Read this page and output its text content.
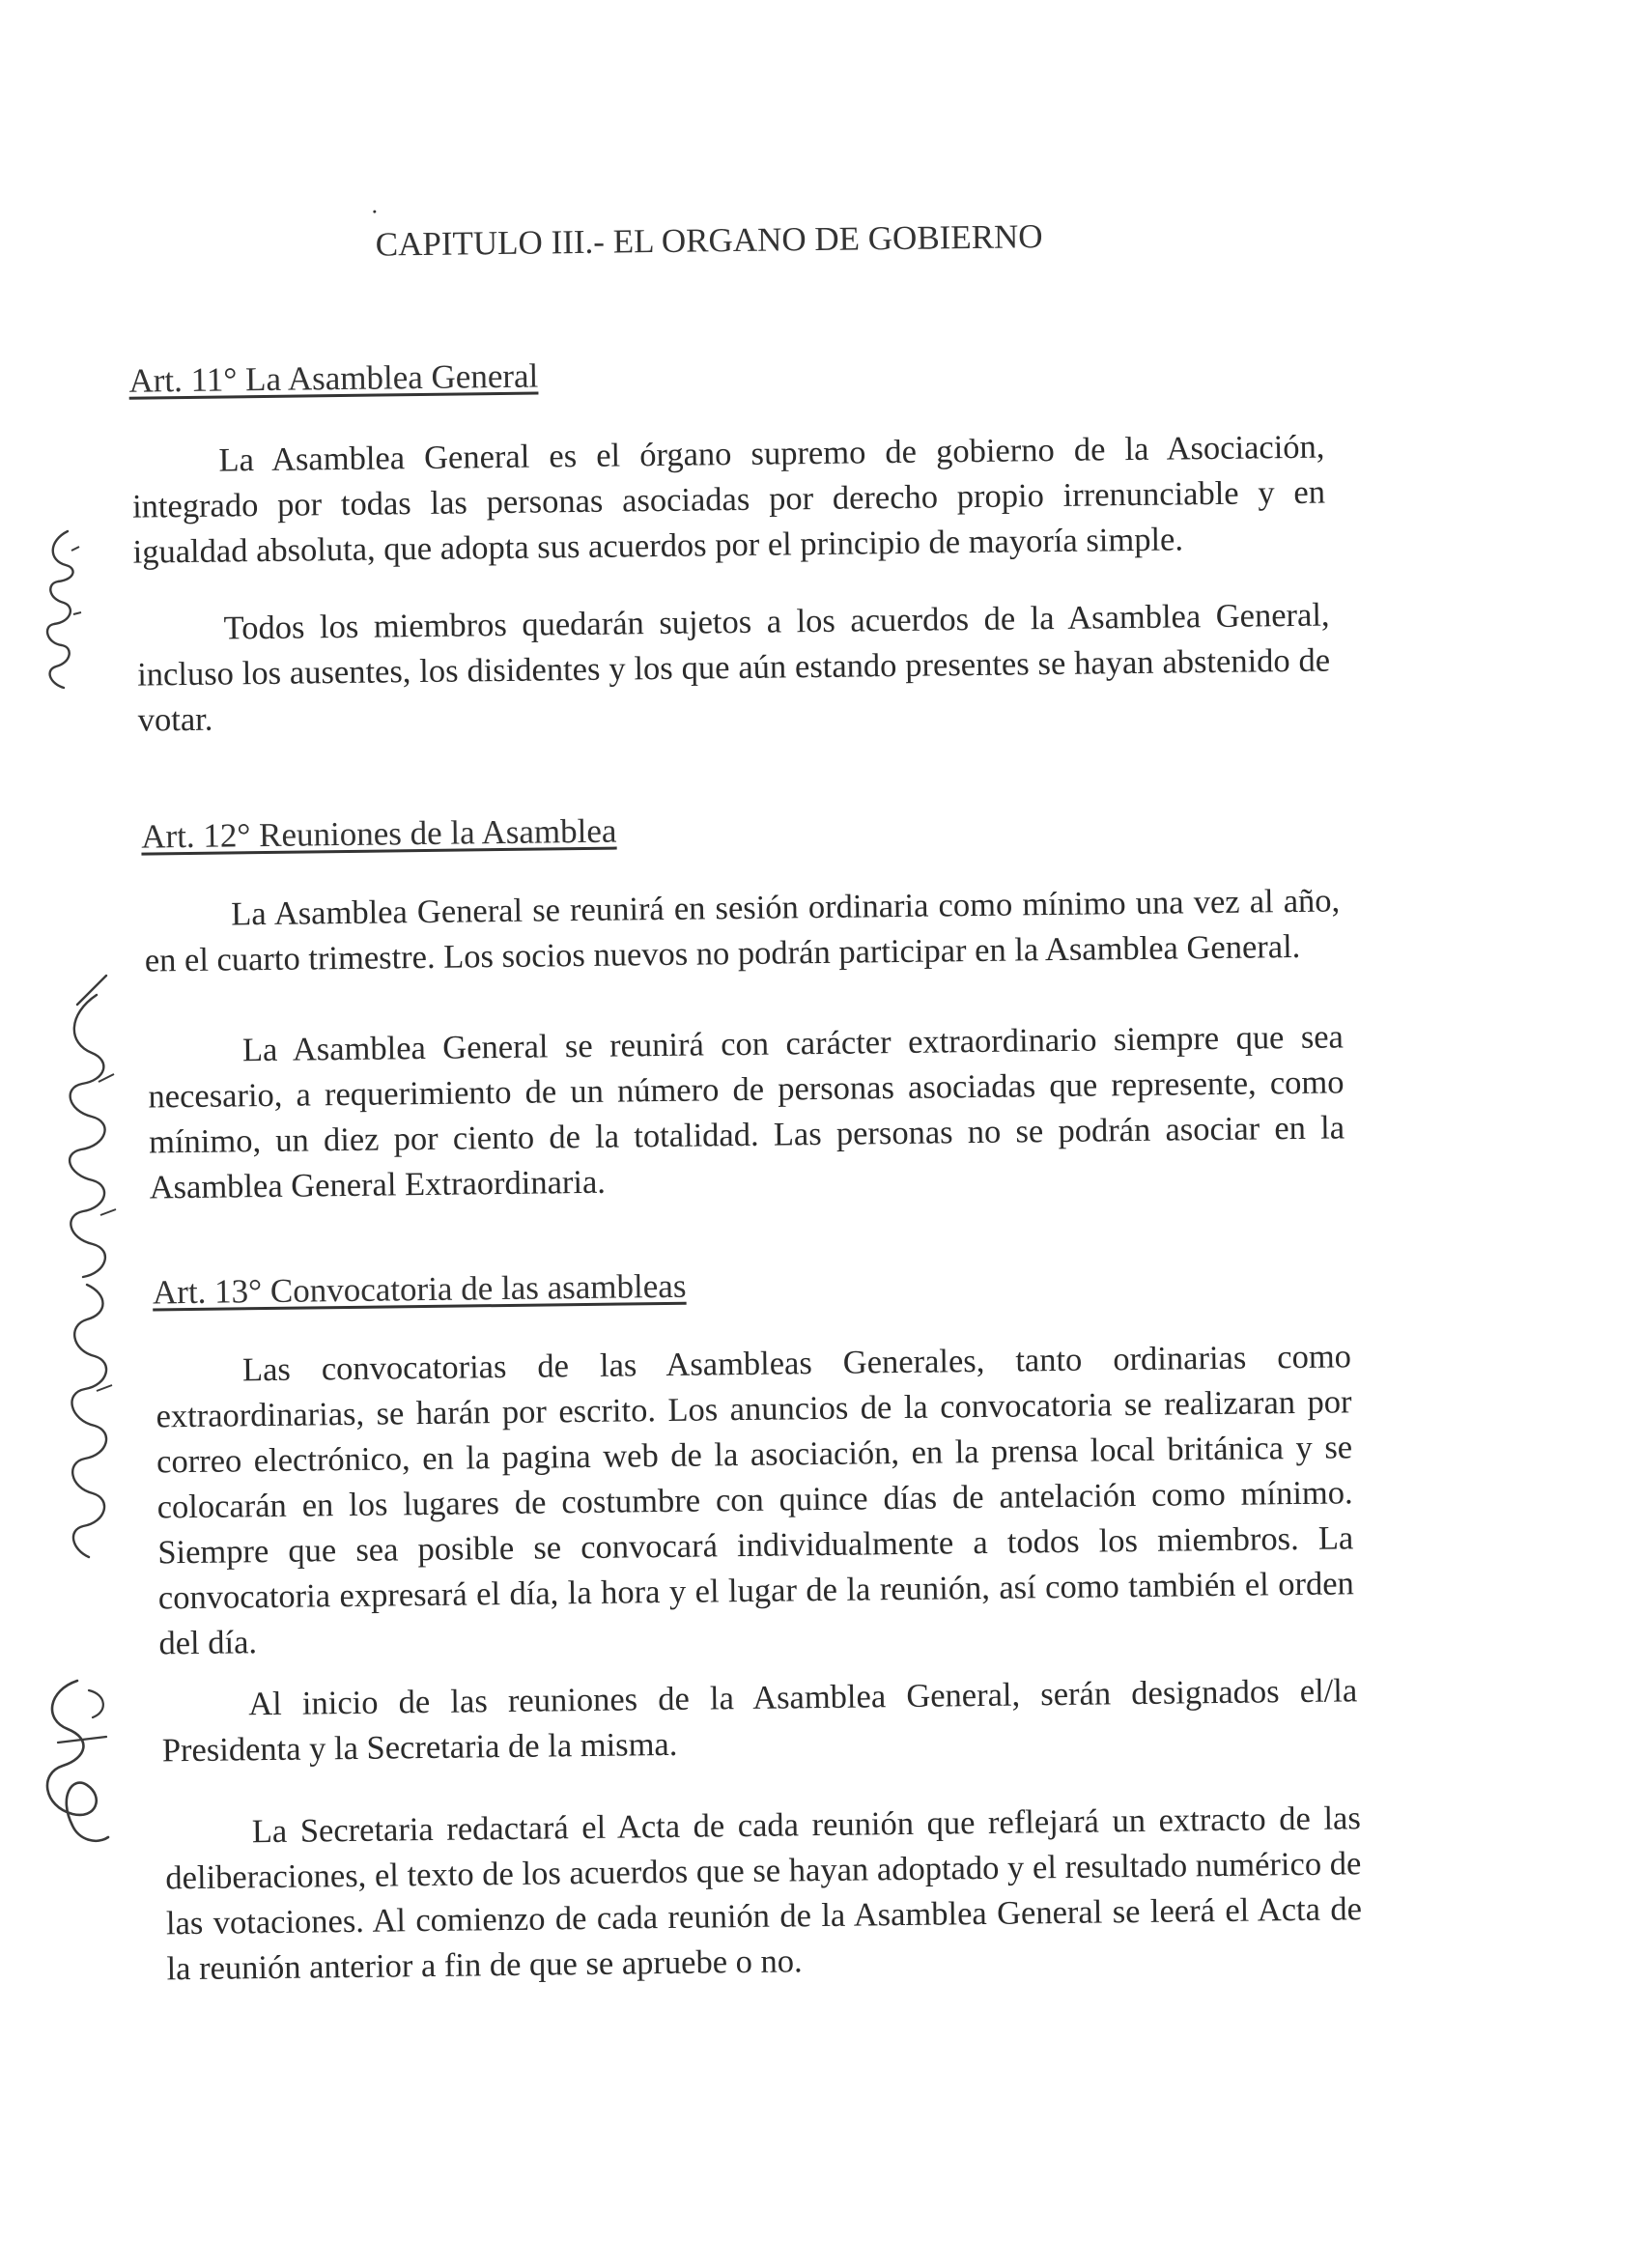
CAPITULO III.- EL ORGANO DE GOBIERNO
Art. 11° La Asamblea General

La Asamblea General es el órgano supremo de gobierno de la Asociación, integrado por todas las personas asociadas por derecho propio irrenunciable y en igualdad absoluta, que adopta sus acuerdos por el principio de mayoría simple.

Todos los miembros quedarán sujetos a los acuerdos de la Asamblea General, incluso los ausentes, los disidentes y los que aún estando presentes se hayan abstenido de votar.

Art. 12° Reuniones de la Asamblea

La Asamblea General se reunirá en sesión ordinaria como mínimo una vez al año, en el cuarto trimestre. Los socios nuevos no podrán participar en la Asamblea General.

La Asamblea General se reunirá con carácter extraordinario siempre que sea necesario, a requerimiento de un número de personas asociadas que represente, como mínimo, un diez por ciento de la totalidad. Las personas no se podrán asociar en la Asamblea General Extraordinaria.

Art. 13° Convocatoria de las asambleas

Las convocatorias de las Asambleas Generales, tanto ordinarias como extraordinarias, se harán por escrito. Los anuncios de la convocatoria se realizaran por correo electrónico, en la pagina web de la asociación, en la prensa local británica y se colocarán en los lugares de costumbre con quince días de antelación como mínimo. Siempre que sea posible se convocará individualmente a todos los miembros. La convocatoria expresará el día, la hora y el lugar de la reunión, así como también el orden del día.

Al inicio de las reuniones de la Asamblea General, serán designados el/la Presidenta y la Secretaria de la misma.

La Secretaria redactará el Acta de cada reunión que reflejará un extracto de las deliberaciones, el texto de los acuerdos que se hayan adoptado y el resultado numérico de las votaciones. Al comienzo de cada reunión de la Asamblea General se leerá el Acta de la reunión anterior a fin de que se apruebe o no.
